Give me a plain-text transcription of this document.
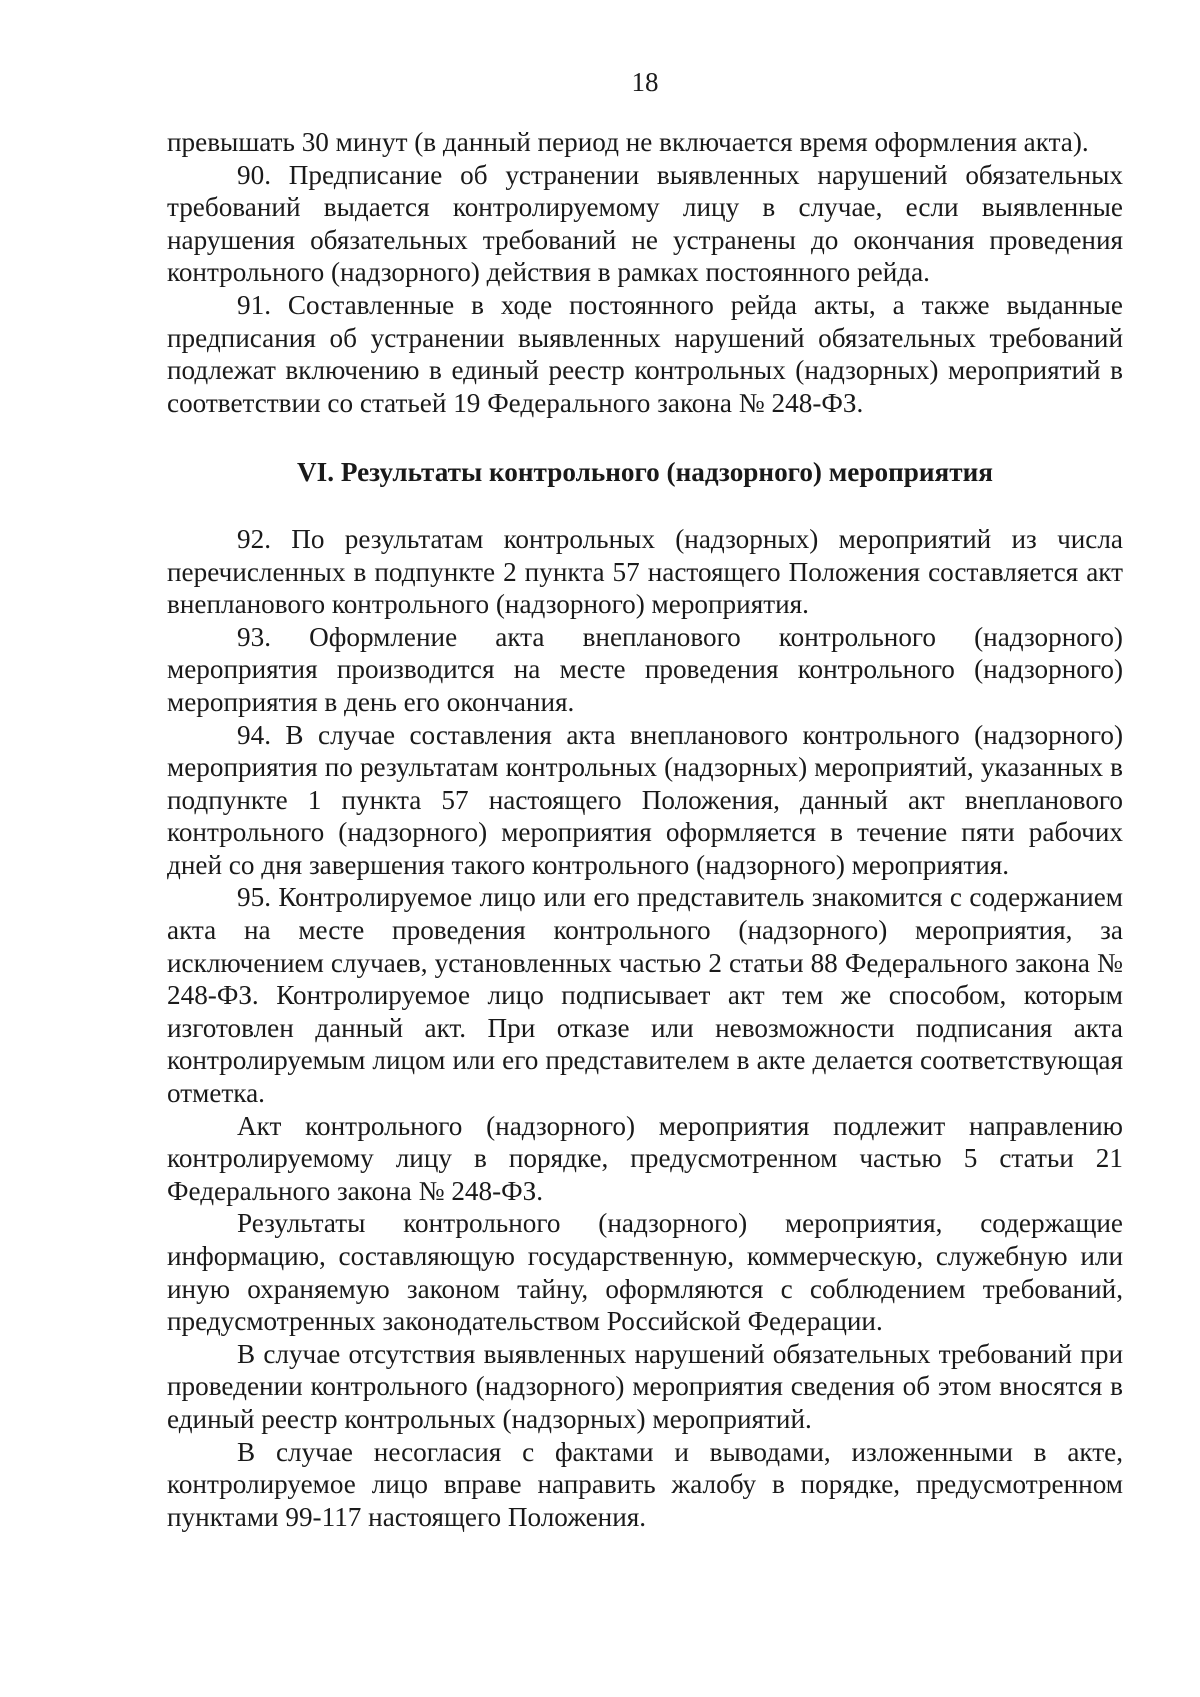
18

превышать 30 минут (в данный период не включается время оформления акта).

90. Предписание об устранении выявленных нарушений обязательных требований выдается контролируемому лицу в случае, если выявленные нарушения обязательных требований не устранены до окончания проведения контрольного (надзорного) действия в рамках постоянного рейда.

91. Составленные в ходе постоянного рейда акты, а также выданные предписания об устранении выявленных нарушений обязательных требований подлежат включению в единый реестр контрольных (надзорных) мероприятий в соответствии со статьей 19 Федерального закона № 248-ФЗ.

VI. Результаты контрольного (надзорного) мероприятия

92. По результатам контрольных (надзорных) мероприятий из числа перечисленных в подпункте 2 пункта 57 настоящего Положения составляется акт внепланового контрольного (надзорного) мероприятия.

93. Оформление акта внепланового контрольного (надзорного) мероприятия производится на месте проведения контрольного (надзорного) мероприятия в день его окончания.

94. В случае составления акта внепланового контрольного (надзорного) мероприятия по результатам контрольных (надзорных) мероприятий, указанных в подпункте 1 пункта 57 настоящего Положения, данный акт внепланового контрольного (надзорного) мероприятия оформляется в течение пяти рабочих дней со дня завершения такого контрольного (надзорного) мероприятия.

95. Контролируемое лицо или его представитель знакомится с содержанием акта на месте проведения контрольного (надзорного) мероприятия, за исключением случаев, установленных частью 2 статьи 88 Федерального закона № 248-ФЗ. Контролируемое лицо подписывает акт тем же способом, которым изготовлен данный акт. При отказе или невозможности подписания акта контролируемым лицом или его представителем в акте делается соответствующая отметка.

Акт контрольного (надзорного) мероприятия подлежит направлению контролируемому лицу в порядке, предусмотренном частью 5 статьи 21 Федерального закона № 248-ФЗ.

Результаты контрольного (надзорного) мероприятия, содержащие информацию, составляющую государственную, коммерческую, служебную или иную охраняемую законом тайну, оформляются с соблюдением требований, предусмотренных законодательством Российской Федерации.

В случае отсутствия выявленных нарушений обязательных требований при проведении контрольного (надзорного) мероприятия сведения об этом вносятся в единый реестр контрольных (надзорных) мероприятий.

В случае несогласия с фактами и выводами, изложенными в акте, контролируемое лицо вправе направить жалобу в порядке, предусмотренном пунктами 99-117 настоящего Положения.
